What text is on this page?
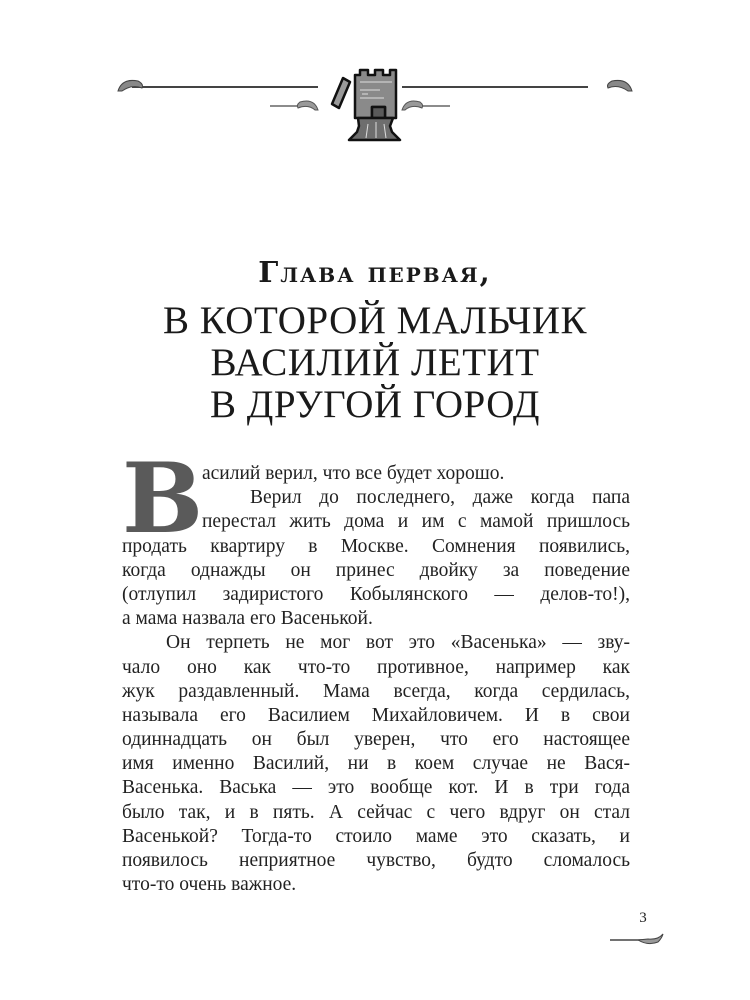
Глава первая,
В КОТОРОЙ МАЛЬЧИК
ВАСИЛИЙ ЛЕТИТ
В ДРУГОЙ ГОРОД
В
асилий верил, что все будет хорошо.
Верил до последнего, даже когда папа
перестал жить дома и им с мамой пришлось
продать квартиру в Москве. Сомнения появились,
когда однажды он принес двойку за поведение
(отлупил задиристого Кобылянского — делов-то!),
а мама назвала его Васенькой.
Он терпеть не мог вот это «Васенька» — зву-
чало оно как что-то противное, например как
жук раздавленный. Мама всегда, когда сердилась,
называла его Василием Михайловичем. И в свои
одиннадцать он был уверен, что его настоящее
имя именно Василий, ни в коем случае не Вася-
Васенька. Васька — это вообще кот. И в три года
было так, и в пять. А сейчас с чего вдруг он стал
Васенькой? Тогда-то стоило маме это сказать, и
появилось неприятное чувство, будто сломалось
что-то очень важное.
3
